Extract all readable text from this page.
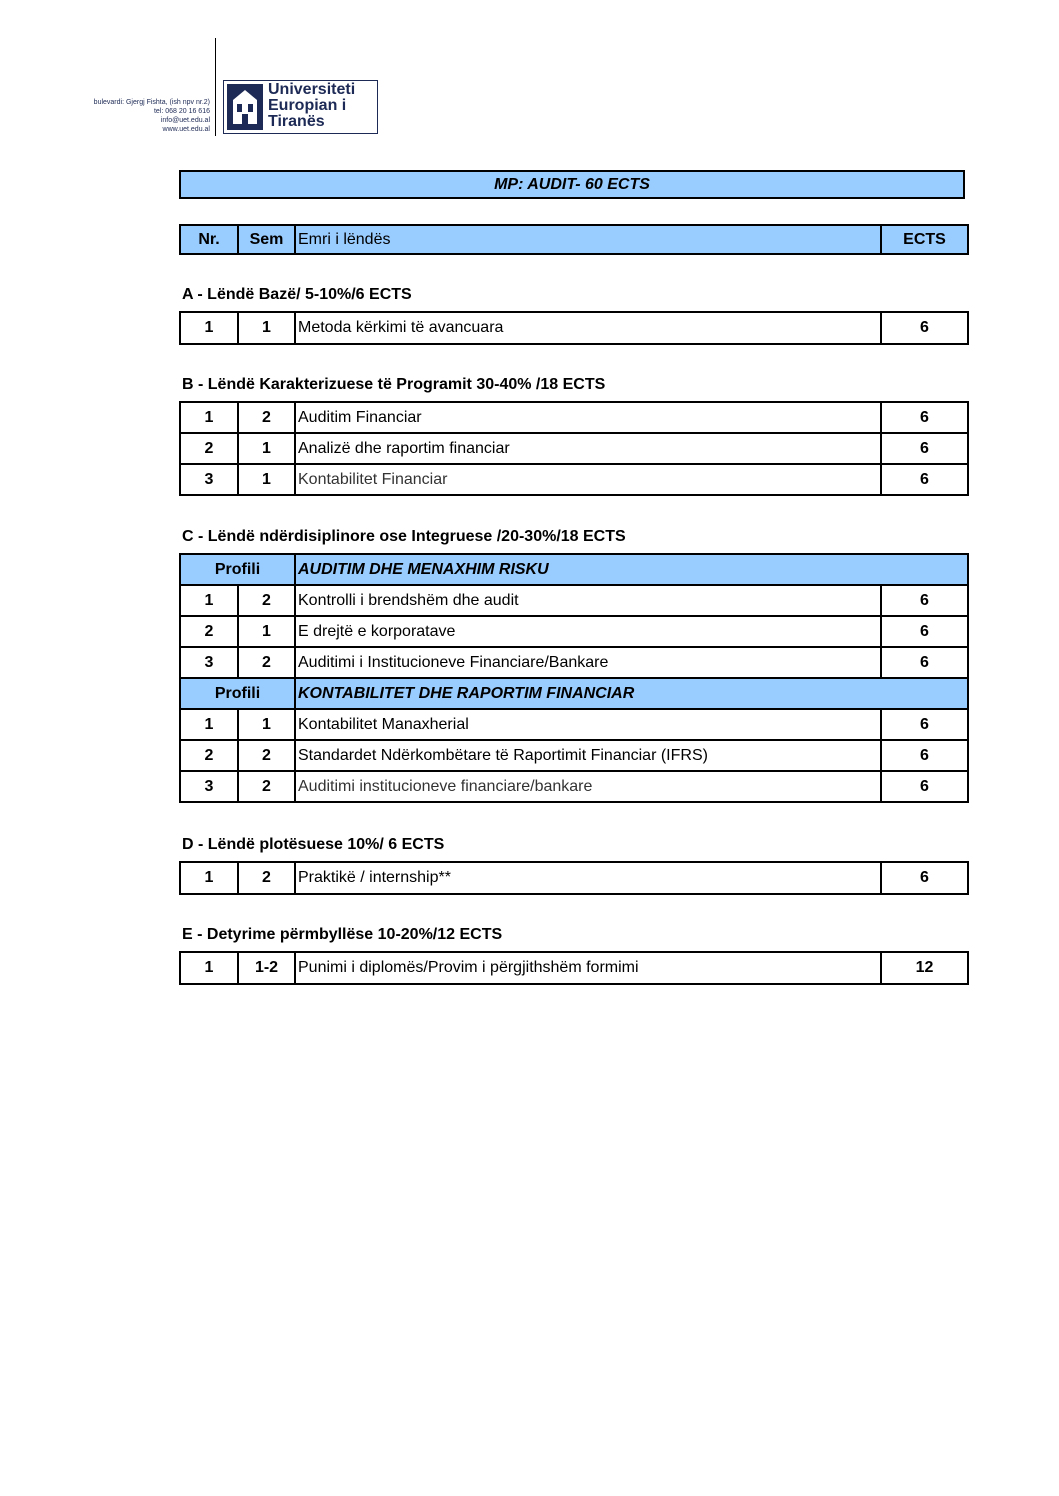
bulevardi: Gjergj Fishta, (ish npv nr.2)
tel: 068 20 16 616
info@uet.edu.al
www.uet.edu.al
Universiteti
Europian i
Tiranës
MP: AUDIT- 60 ECTS
Nr.	Sem	Emri i lëndës	ECTS
A - Lëndë Bazë/ 5-10%/6 ECTS
1	1	Metoda kërkimi të avancuara	6
B - Lëndë Karakterizuese të Programit 30-40% /18 ECTS
1	2	Auditim Financiar	6
2	1	Analizë dhe raportim financiar	6
3	1	Kontabilitet Financiar	6
C - Lëndë ndërdisiplinore ose Integruese /20-30%/18 ECTS
Profili		AUDITIM DHE MENAXHIM RISKU	
1	2	Kontrolli i brendshëm dhe audit	6
2	1	E drejtë e korporatave	6
3	2	Auditimi i Institucioneve Financiare/Bankare	6
Profili		KONTABILITET DHE RAPORTIM FINANCIAR	
1	1	Kontabilitet Manaxherial	6
2	2	Standardet Ndërkombëtare të Raportimit Financiar (IFRS)	6
3	2	Auditimi institucioneve financiare/bankare	6
D - Lëndë plotësuese 10%/ 6 ECTS
1	2	Praktikë / internship**	6
E - Detyrime përmbyllëse 10-20%/12 ECTS
1	1-2	Punimi i diplomës/Provim i përgjithshëm formimi	12
